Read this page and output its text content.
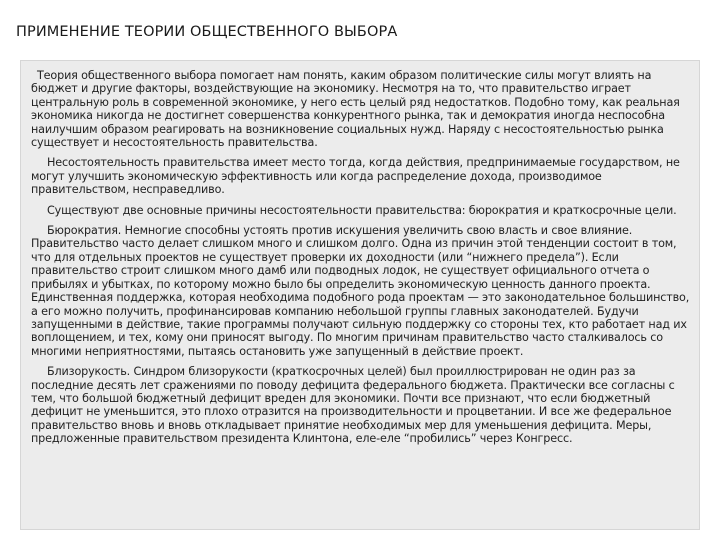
ПРИМЕНЕНИЕ ТЕОРИИ ОБЩЕСТВЕННОГО ВЫБОРА

Теория общественного выбора помогает нам понять, каким образом политические силы могут влиять на бюджет и другие факторы, воздействующие на экономику. Несмотря на то, что правительство играет центральную роль в современной экономике, у него есть целый ряд недостатков. Подобно тому, как реальная экономика никогда не достигнет совершенства конкурентного рынка, так и демократия иногда неспособна наилучшим образом реагировать на возникновение социальных нужд. Наряду с несостоятельностью рынка существует и несостоятельность правительства.

Несостоятельность правительства имеет место тогда, когда действия, предпринимаемые государством, не могут улучшить экономическую эффективность или когда распределение дохода, производимое правительством, несправедливо.

Существуют две основные причины несостоятельности правительства: бюрократия и краткосрочные цели.

Бюрократия. Немногие способны устоять против искушения увеличить свою власть и свое влияние. Правительство часто делает слишком много и слишком долго. Одна из причин этой тенденции состоит в том, что для отдельных проектов не существует проверки их доходности (или “нижнего предела”). Если правительство строит слишком много дамб или подводных лодок, не существует официального отчета о прибылях и убытках, по которому можно было бы определить экономическую ценность данного проекта. Единственная поддержка, которая необходима подобного рода проектам — это законодательное большинство, а его можно получить, профинансировав компанию небольшой группы главных законодателей. Будучи запущенными в действие, такие программы получают сильную поддержку со стороны тех, кто работает над их воплощением, и тех, кому они приносят выгоду. По многим причинам правительство часто сталкивалось со многими неприятностями, пытаясь остановить уже запущенный в действие проект.

Близорукость. Синдром близорукости (краткосрочных целей) был проиллюстрирован не один раз за последние десять лет сражениями по поводу дефицита федерального бюджета. Практически все согласны с тем, что большой бюджетный дефицит вреден для экономики. Почти все признают, что если бюджетный дефицит не уменьшится, это плохо отразится на производительности и процветании. И все же федеральное правительство вновь и вновь откладывает принятие необходимых мер для уменьшения дефицита. Меры, предложенные правительством президента Клинтона, еле-еле “пробились” через Конгресс.
